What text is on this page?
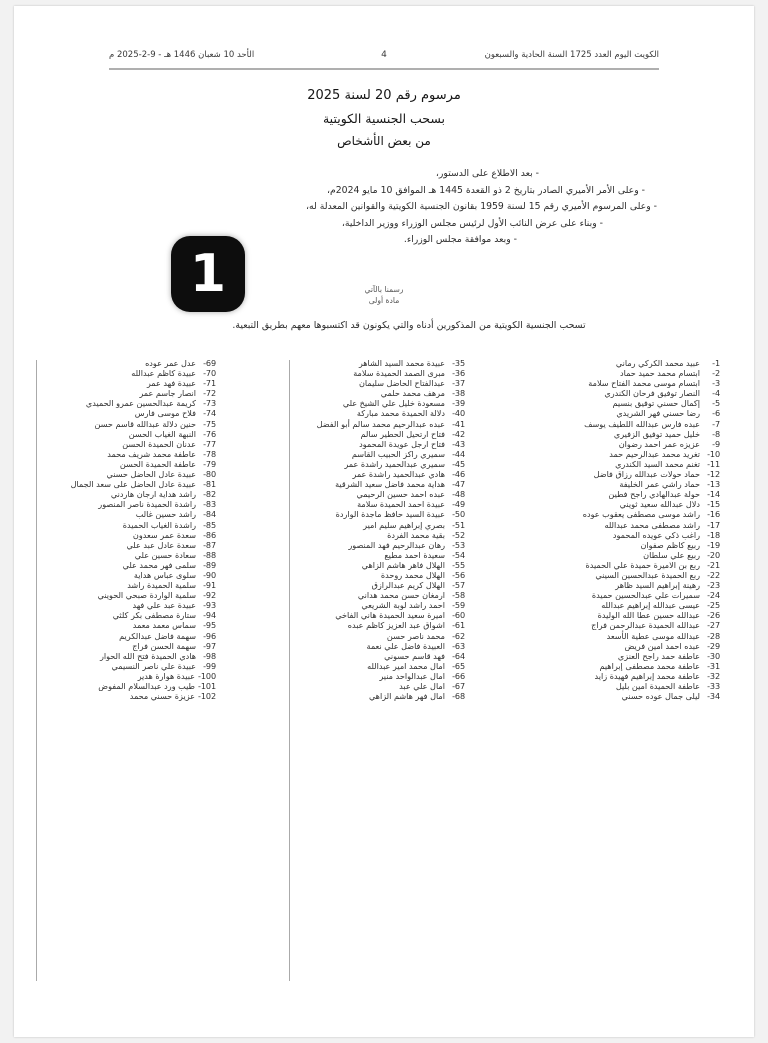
الكويت اليوم العدد 1725 السنة الحادية والسبعون
4
الأحد 10 شعبان 1446 هـ - 9-2-2025 م
مرسوم رقم 20 لسنة 2025
بسحب الجنسية الكويتية
من بعض الأشخاص
- بعد الاطلاع على الدستور،
- وعلى الأمر الأميري الصادر بتاريخ 2 ذو القعدة 1445 هـ الموافق 10 مايو 2024م،
- وعلى المرسوم الأميري رقم 15 لسنة 1959 بقانون الجنسية الكويتية والقوانين المعدلة له،
- وبناء على عرض النائب الأول لرئيس مجلس الوزراء ووزير الداخلية،
- وبعد موافقة مجلس الوزراء.
رسمنا بالآتي
مادة أولى
تسحب الجنسية الكويتية من المذكورين أدناه والتي يكونون قد اكتسبوها معهم بطريق التبعية.
1-
عبيد محمد الكركي رماني
2-
ابتسام محمد حميد حماد
3-
ابتسام موسى محمد الفتاح سلامة
4-
النصار توفيق فرحان الكندري
5-
إكمال حسني توفيق بنسيم
6-
رضا حسني فهر الشريدي
7-
عبده فارس عبدالله اللطيف يوسف
8-
خليل حميد توفيق الزفيري
9-
عزيزه عمر احمد رضوان
10-
تغريد محمد عبدالرحيم حمد
11-
تغنم محمد السيد الكندري
12-
حماد حولات عبدالله رزاق فاضل
13-
حماد راشي عمر الخليفة
14-
حولة عبدالهادي راجح فطين
15-
دلال عبدالله سعيد ثويني
16-
راشد موسى مصطفى يعقوب عوده
17-
راشد مصطفى محمد عبدالله
18-
راغب ذكي عويده المحمود
19-
ربيع كاظم صفوان
20-
ربيع علي سلطان
21-
ربع بن الاميرة حميدة علي الحميدة
22-
ربع الحميدة عبدالحسين السيني
23-
رهينة إبراهيم السيد ظاهر
24-
سميرات علي عبدالحسين حميدة
25-
عيسى عبدالله إبراهيم عبدالله
26-
عبدالله حسين عطا الله الوليدة
27-
عبدالله الحميدة عبدالرحمن فراج
28-
عبدالله موسى عطية الأسعد
29-
عبده احمد امين فريض
30-
عاطفة حمد راجح العنزي
31-
عاطفة محمد مصطفى إبراهيم
32-
عاطفة محمد إبراهيم فهيدة زايد
33-
عاطفة الحميدة امين بليل
34-
ليلى جمال عوده حسني
35-
عبيدة محمد السيد الشاهر
36-
مبرى الصمد الحميدة سلامة
37-
عبدالفتاح الحاضل سليمان
38-
مرهف محمد حلمي
39-
مسعودة خليل علي الشيخ علي
40-
دلالة الحميدة محمد مباركة
41-
عبده عبدالرحيم محمد سالم أبو الفضل
42-
فتاح ارتحيل الحطير سالم
43-
فتاح ارجل عويدة المحمود
44-
سميري راكز الحبيب القاسم
45-
سميري عبدالحميد راشدة عمر
46-
هادي عبدالحميد راشدة عمر
47-
هداية محمد فاضل سعيد الشرقية
48-
عبده احمد حسين الرحيمي
49-
عبيدة احمد الحميدة سلامة
50-
عبيدة السيد حافظ ماجدة الواردة
51-
بصري إبراهيم سليم امير
52-
بقية محمد الفردة
53-
رهان عبدالرحيم فهد المنصور
54-
سعيدة احمد مطيع
55-
الهلال فاهر هاشم الزاهي
56-
الهلال محمد روحدة
57-
الهلال كريم عبدالرازق
58-
ارمغان حسن محمد هداني
59-
احمد راشد لوبة الشريعي
60-
اميرة سعيد الحميدة هاني الفاخي
61-
اشواق عبد العزيز كاظم عبده
62-
محمد ناصر حسن
63-
العبيدة فاضل علي نعمة
64-
فهد قاسم حسوني
65-
امال محمد امير عبدالله
66-
امال عبدالواحد منير
67-
امال علي عبد
68-
امال فهر هاشم الزاهي
69-
عدل عمر عوده
70-
عبيدة كاظم عبدالله
71-
عبيدة فهد عمر
72-
انصار جاسم عمر
73-
كريمة عبدالحسين عمرو الحميدي
74-
فلاح موسى فارس
75-
حنين دلالة عبدالله قاسم حسن
76-
النبهة الغياب الحسن
77-
عدنان الحميدة الحسن
78-
عاطفة محمد شريف محمد
79-
عاطفة الحميدة الحسن
80-
عبيدة عادل الحاضل حسني
81-
عبيدة عادل الحاضل على سعد الجمال
82-
راشد هداية ارجان هاردني
83-
راشدة الحميدة ناصر المنصور
84-
راشد حسين غالب
85-
راشدة الغياب الحميدة
86-
سعدة عمر سعدون
87-
سعدة عادل عبد علي
88-
سعادة حسين علي
89-
سلمى فهر محمد علي
90-
سلوى عباس هداية
91-
سلمية الحميدة راشد
92-
سلمية الواردة صبحي الحويني
93-
عبيدة عبد علي فهد
94-
ستارة مصطفى بكر كلثي
95-
سماس معمد معمد
96-
سهمة فاضل عبدالكريم
97-
سهمة الحسن فراج
98-
هادي الحميدة فتح الله الحوار
99-
عبيدة علي ناصر النسيمي
100-
عبيدة هوارة هدير
101-
طيب ورد عبدالسلام المفوض
102-
عزيزة حسني محمد
1
